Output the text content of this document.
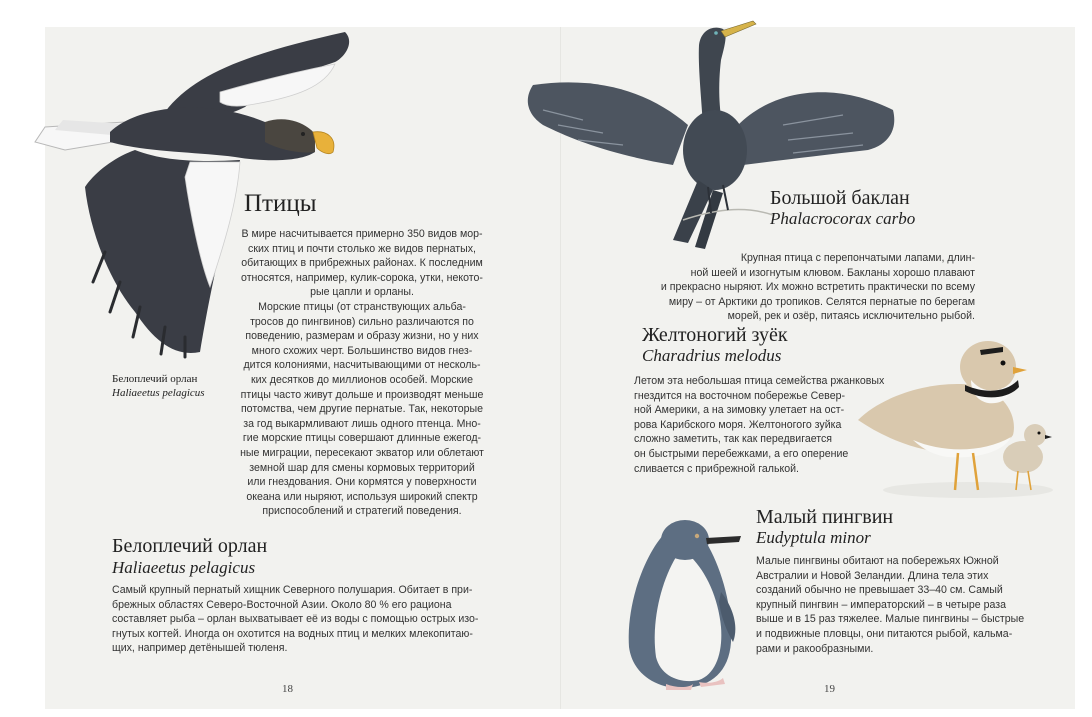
Белоплечий орлан
Haliaeetus pelagicus
Птицы

В мире насчитывается примерно 350 видов мор-

ских птиц и почти столько же видов пернатых,

обитающих в прибрежных районах. К последним

относятся, например, кулик-сорока, утки, некото-

рые цапли и орланы.

Морские птицы (от странствующих альба-

тросов до пингвинов) сильно различаются по

поведению, размерам и образу жизни, но у них

много схожих черт. Большинство видов гнез-

дится колониями, насчитывающими от несколь-

ких десятков до миллионов особей. Морские

птицы часто живут дольше и производят меньше

потомства, чем другие пернатые. Так, некоторые

за год выкармливают лишь одного птенца. Мно-

гие морские птицы совершают длинные ежегод-

ные миграции, пересекают экватор или облетают

земной шар для смены кормовых территорий

или гнездования. Они кормятся у поверхности

океана или ныряют, используя широкий спектр

приспособлений и стратегий поведения.

Белоплечий орлан
Haliaeetus pelagicus

Самый крупный пернатый хищник Северного полушария. Обитает в при-

брежных областях Северо-Восточной Азии. Около 80 % его рациона

составляет рыба – орлан выхватывает её из воды с помощью острых изо-

гнутых когтей. Иногда он охотится на водных птиц и мелких млекопитаю-

щих, например детёнышей тюленя.

18
Большой баклан
Phalacrocorax carbo

Крупная птица с перепончатыми лапами, длин-

ной шеей и изогнутым клювом. Бакланы хорошо плавают

и прекрасно ныряют. Их можно встретить практически по всему

миру – от Арктики до тропиков. Селятся пернатые по берегам

морей, рек и озёр, питаясь исключительно рыбой.

Желтоногий зуёк
Charadrius melodus

Летом эта небольшая птица семейства ржанковых

гнездится на восточном побережье Север-

ной Америки, а на зимовку улетает на ост-

рова Карибского моря. Желтоногого зуйка

сложно заметить, так как передвигается

он быстрыми перебежками, а его оперение

сливается с прибрежной галькой.

Малый пингвин
Eudyptula minor

Малые пингвины обитают на побережьях Южной

Австралии и Новой Зеландии. Длина тела этих

созданий обычно не превышает 33–40 см. Самый

крупный пингвин – императорский – в четыре раза

выше и в 15 раз тяжелее. Малые пингвины – быстрые

и подвижные пловцы, они питаются рыбой, кальма-

рами и ракообразными.

19
